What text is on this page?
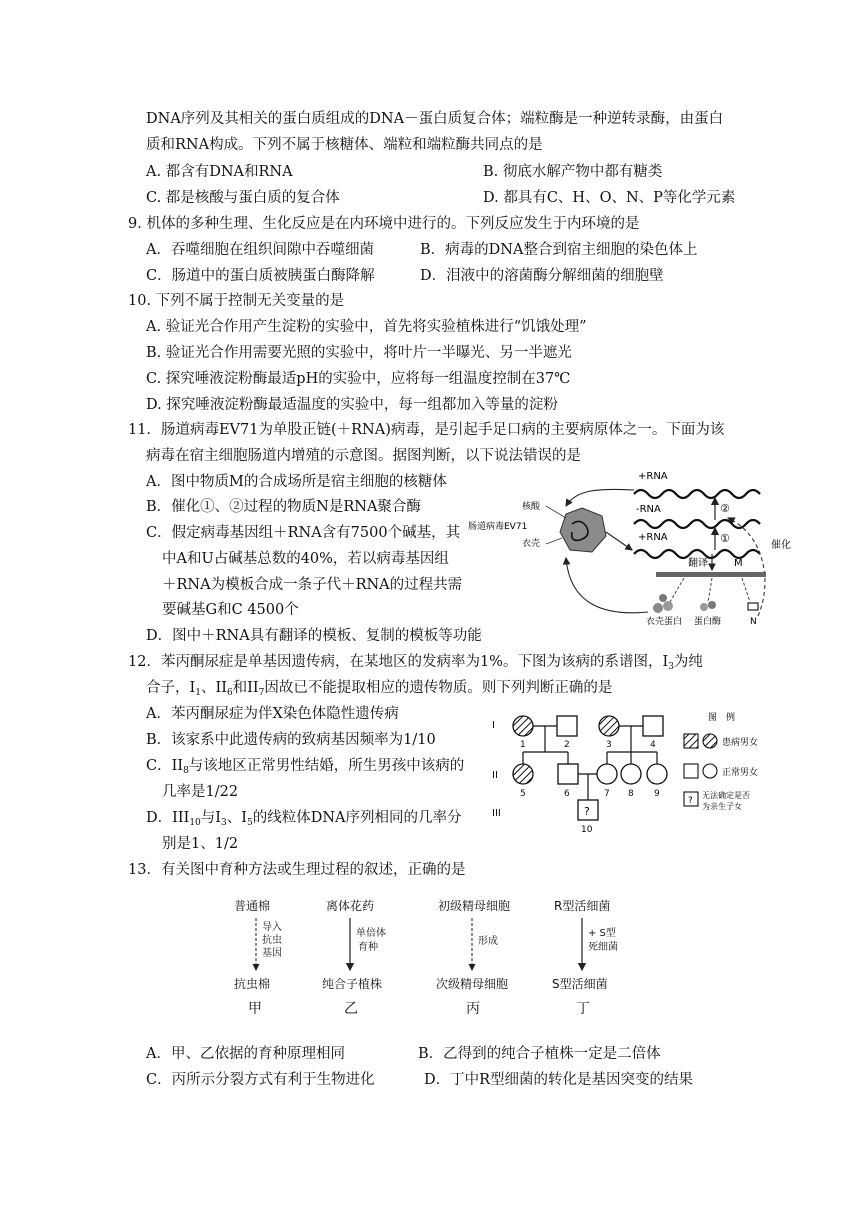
DNA序列及其相关的蛋白质组成的DNA－蛋白质复合体；端粒酶是一种逆转录酶，由蛋白
质和RNA构成。下列不属于核糖体、端粒和端粒酶共同点的是
A. 都含有DNA和RNA	B. 彻底水解产物中都有糖类
C. 都是核酸与蛋白质的复合体	D. 都具有C、H、O、N、P等化学元素
9. 机体的多种生理、生化反应是在内环境中进行的。下列反应发生于内环境的是
A．吞噬细胞在组织间隙中吞噬细菌	B．病毒的DNA整合到宿主细胞的染色体上
C．肠道中的蛋白质被胰蛋白酶降解	D．泪液中的溶菌酶分解细菌的细胞壁
10. 下列不属于控制无关变量的是
A. 验证光合作用产生淀粉的实验中，首先将实验植株进行“饥饿处理”
B. 验证光合作用需要光照的实验中，将叶片一半曝光、另一半遮光
C. 探究唾液淀粉酶最适pH的实验中，应将每一组温度控制在37℃
D. 探究唾液淀粉酶最适温度的实验中，每一组都加入等量的淀粉
11．肠道病毒EV71为单股正链(＋RNA)病毒，是引起手足口病的主要病原体之一。下面为该
病毒在宿主细胞肠道内增殖的示意图。据图判断，以下说法错误的是
A．图中物质M的合成场所是宿主细胞的核糖体
B．催化①、②过程的物质N是RNA聚合酶
C．假定病毒基因组＋RNA含有7500个碱基，其
中A和U占碱基总数的40%，若以病毒基因组
＋RNA为模板合成一条子代＋RNA的过程共需
要碱基G和C 4500个
D．图中＋RNA具有翻译的模板、复制的模板等功能
+RNA
-RNA
+RNA
②
①
催化
肠道病毒EV71
核酸
衣壳
翻译	M
衣壳蛋白 蛋白酶	N
12．苯丙酮尿症是单基因遗传病，在某地区的发病率为1%。下图为该病的系谱图，$I_3$为纯
合子，$I_1$、$II_6$和$II_7$因故已不能提取相应的遗传物质。则下列判断正确的是
A．苯丙酮尿症为伴X染色体隐性遗传病
B．该家系中此遗传病的致病基因频率为1/10
C．$II_8$与该地区正常男性结婚，所生男孩中该病的
几率是1/22
D．$III_{10}$与$I_3$、$I_5$的线粒体DNA序列相同的几率分
别是1、1/2
I
II
III
1	2	3	4
5	6	7 8 9
?
10
图　例
患病男女
正常男女
?
无法确定是否
为亲生子女
13．有关图中育种方法或生理过程的叙述，正确的是
普通棉
导入
抗虫
基因
抗虫棉
甲
离体花药
单倍体
育种
纯合子植株
乙
初级精母细胞
形成
次级精母细胞
丙
R型活细菌
+ S型
死细菌
S型活细菌
丁
A．甲、乙依据的育种原理相同	B．乙得到的纯合子植株一定是二倍体
C．丙所示分裂方式有利于生物进化	D．丁中R型细菌的转化是基因突变的结果
